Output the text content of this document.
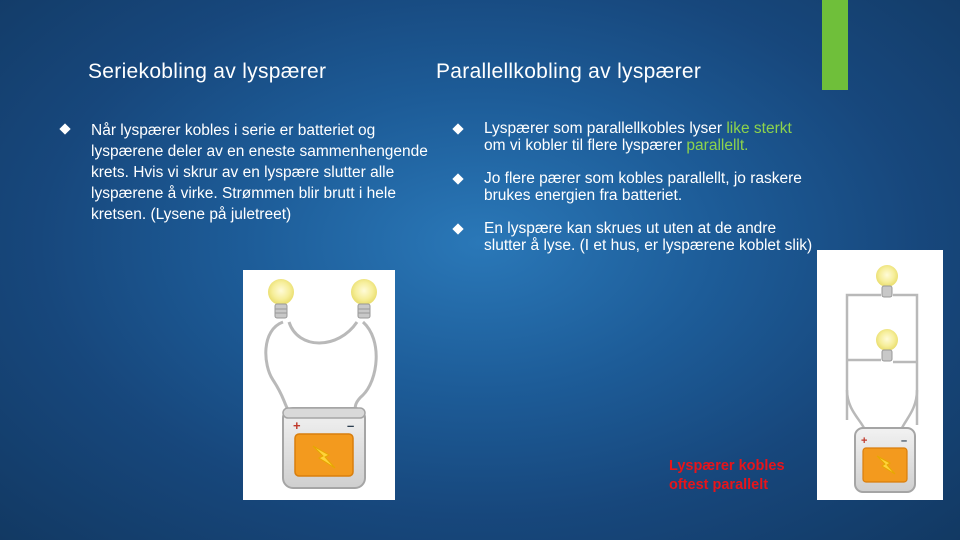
Seriekobling av lyspærer	Parallellkobling av lyspærer
Når lyspærer kobles i serie er batteriet og lyspærene deler av en eneste sammenhengende krets. Hvis vi skrur av en lyspære slutter alle lyspærene å virke. Strømmen blir brutt i hele kretsen. (Lysene på juletreet)
Lyspærer som parallellkobles lyser like sterkt om vi kobler til flere lyspærer parallellt.
Jo flere pærer som kobles parallellt, jo raskere brukes energien fra batteriet.
En lyspære kan skrues ut uten at de andre slutter å lyse. (I et hus, er lyspærene koblet slik)
+	–
+	–

Lyspærer kobles
oftest parallelt
